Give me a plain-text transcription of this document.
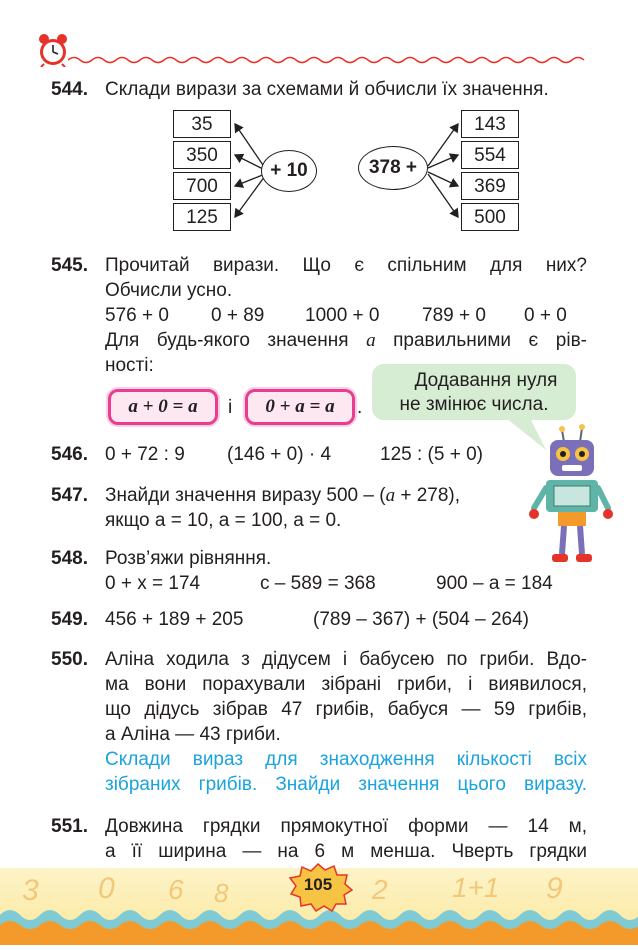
544. Склади вирази за схемами й обчисли їх значення.
35
350
700
125
+ 10	378 +
143
554
369
500
545. Прочитай вирази. Що є спільним для них?
Обчисли усно.
576 + 0 0 + 89 1000 + 0 789 + 0 0 + 0
Для будь-якого значення a правильними є рів-
ності:
a + 0 = a	і	0 + a = a	.
Додавання нуля
не змінює числа.
546. 0 + 72 : 9 (146 + 0) · 4	125 : (5 + 0)
547. Знайди значення виразу 500 – (a + 278),
якщо a = 10, a = 100, a = 0.
548. Розв’яжи рівняння.
0 + x = 174	c – 589 = 368	900 – a = 184
549. 456 + 189 + 205	(789 – 367) + (504 – 264)
550. Аліна ходила з дідусем і бабусею по гриби. Вдо-
ма вони порахували зібрані гриби, і виявилося,
що дідусь зібрав 47 грибів, бабуся — 59 грибів,
а Аліна — 43 гриби.
Склади вираз для знаходження кількості всіх
зібраних грибів. Знайди значення цього виразу.
551. Довжина грядки прямокутної форми — 14 м,
а її ширина — на 6 м менша. Чверть грядки
3 0 6 8	2 1+1 9
105
